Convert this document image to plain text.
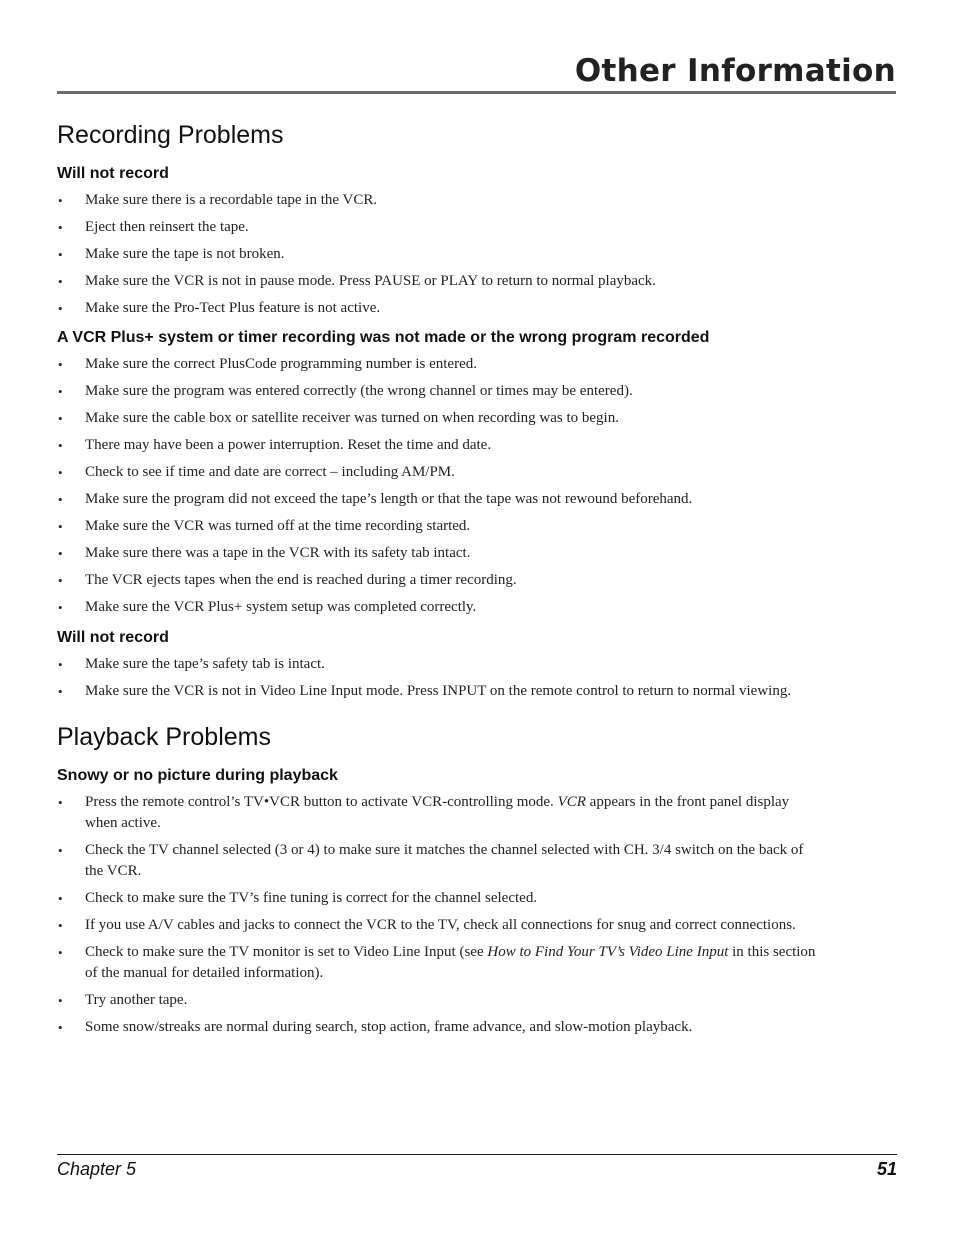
Other Information
Recording Problems
Will not record
• Make sure there is a recordable tape in the VCR.
• Eject then reinsert the tape.
• Make sure the tape is not broken.
• Make sure the VCR is not in pause mode. Press PAUSE or PLAY to return to normal playback.
• Make sure the Pro-Tect Plus feature is not active.
A VCR Plus+ system or timer recording was not made or the wrong program recorded
• Make sure the correct PlusCode programming number is entered.
• Make sure the program was entered correctly (the wrong channel or times may be entered).
• Make sure the cable box or satellite receiver was turned on when recording was to begin.
• There may have been a power interruption. Reset the time and date.
• Check to see if time and date are correct – including AM/PM.
• Make sure the program did not exceed the tape’s length or that the tape was not rewound beforehand.
• Make sure the VCR was turned off at the time recording started.
• Make sure there was a tape in the VCR with its safety tab intact.
• The VCR ejects tapes when the end is reached during a timer recording.
• Make sure the VCR Plus+ system setup was completed correctly.
Will not record
• Make sure the tape’s safety tab is intact.
• Make sure the VCR is not in Video Line Input mode. Press INPUT on the remote control to return to normal viewing.
Playback Problems
Snowy or no picture during playback
• Press the remote control’s TV•VCR button to activate VCR-controlling mode. VCR appears in the front panel display when active.
• Check the TV channel selected (3 or 4) to make sure it matches the channel selected with CH. 3/4 switch on the back of the VCR.
• Check to make sure the TV’s fine tuning is correct for the channel selected.
• If you use A/V cables and jacks to connect the VCR to the TV, check all connections for snug and correct connections.
• Check to make sure the TV monitor is set to Video Line Input (see How to Find Your TV’s Video Line Input in this section of the manual for detailed information).
• Try another tape.
• Some snow/streaks are normal during search, stop action, frame advance, and slow-motion playback.
Chapter 5	51
